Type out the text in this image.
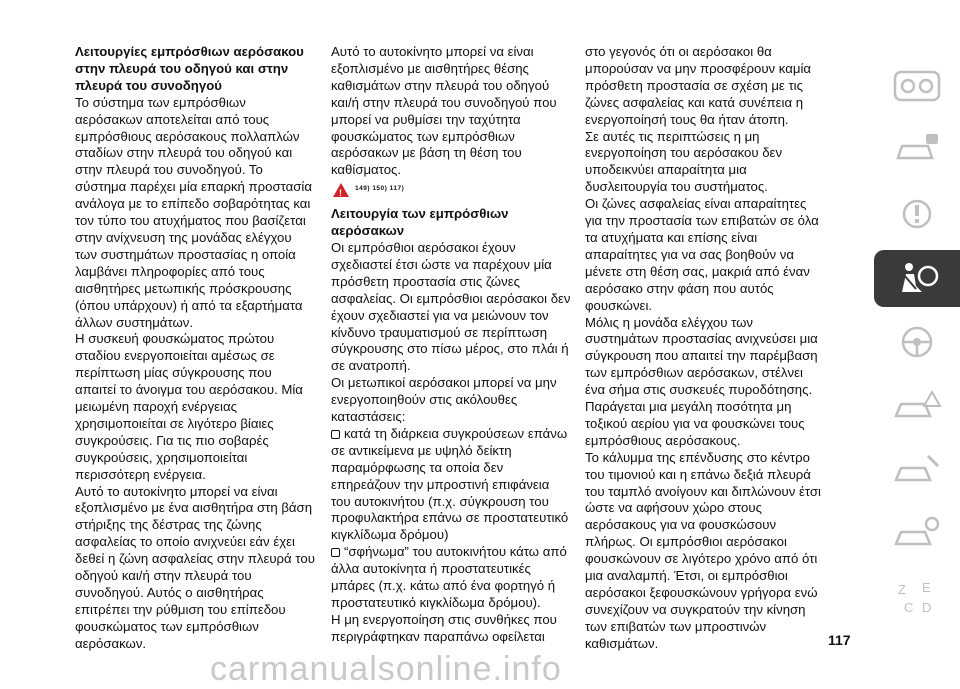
Λειτουργίες εμπρόσθιων αερόσακου στην πλευρά του οδηγού και στην πλευρά του συνοδηγού

Το σύστημα των εμπρόσθιων αερόσακων αποτελείται από τους εμπρόσθιους αερόσακους πολλαπλών σταδίων στην πλευρά του οδηγού και στην πλευρά του συνοδηγού. Το σύστημα παρέχει μία επαρκή προστασία ανάλογα με το επίπεδο σοβαρότητας και τον τύπο του ατυχήματος που βασίζεται στην ανίχνευση της μονάδας ελέγχου των συστημάτων προστασίας η οποία λαμβάνει πληροφορίες από τους αισθητήρες μετωπικής πρόσκρουσης (όπου υπάρχουν) ή από τα εξαρτήματα άλλων συστημάτων.

Η συσκευή φουσκώματος πρώτου σταδίου ενεργοποιείται αμέσως σε περίπτωση μίας σύγκρουσης που απαιτεί το άνοιγμα του αερόσακου. Μία μειωμένη παροχή ενέργειας χρησιμοποιείται σε λιγότερο βίαιες συγκρούσεις. Για τις πιο σοβαρές συγκρούσεις, χρησιμοποιείται περισσότερη ενέργεια.

Αυτό το αυτοκίνητο μπορεί να είναι εξοπλισμένο με ένα αισθητήρα στη βάση στήριξης της δέστρας της ζώνης ασφαλείας το οποίο ανιχνεύει εάν έχει δεθεί η ζώνη ασφαλείας στην πλευρά του οδηγού και/ή στην πλευρά του συνοδηγού. Αυτός ο αισθητήρας επιτρέπει την ρύθμιση του επίπεδου φουσκώματος των εμπρόσθιων αερόσακων.

Αυτό το αυτοκίνητο μπορεί να είναι εξοπλισμένο με αισθητήρες θέσης καθισμάτων στην πλευρά του οδηγού και/ή στην πλευρά του συνοδηγού που μπορεί να ρυθμίσει την ταχύτητα φουσκώματος των εμπρόσθιων αερόσακων με βάση τη θέση του καθίσματος.

!
149) 150) 117)
Λειτουργία των εμπρόσθιων αερόσακων

Οι εμπρόσθιοι αερόσακοι έχουν σχεδιαστεί έτσι ώστε να παρέχουν μία πρόσθετη προστασία στις ζώνες ασφαλείας. Οι εμπρόσθιοι αερόσακοι δεν έχουν σχεδιαστεί για να μειώνουν τον κίνδυνο τραυματισμού σε περίπτωση σύγκρουσης στο πίσω μέρος, στο πλάι ή σε ανατροπή.

Οι μετωπικοί αερόσακοι μπορεί να μην ενεργοποιηθούν στις ακόλουθες καταστάσεις:

κατά τη διάρκεια συγκρούσεων επάνω σε αντικείμενα με υψηλό δείκτη παραμόρφωσης τα οποία δεν επηρεάζουν την μπροστινή επιφάνεια του αυτοκινήτου (π.χ. σύγκρουση του προφυλακτήρα επάνω σε προστατευτικό κιγκλίδωμα δρόμου)

“σφήνωμα” του αυτοκινήτου κάτω από άλλα αυτοκίνητα ή προστατευτικές μπάρες (π.χ. κάτω από ένα φορτηγό ή προστατευτικό κιγκλίδωμα δρόμου).

Η μη ενεργοποίηση στις συνθήκες που περιγράφτηκαν παραπάνω οφείλεται

στο γεγονός ότι οι αερόσακοι θα μπορούσαν να μην προσφέρουν καμία πρόσθετη προστασία σε σχέση με τις ζώνες ασφαλείας και κατά συνέπεια η ενεργοποίησή τους θα ήταν άτοπη.

Σε αυτές τις περιπτώσεις η μη ενεργοποίηση του αερόσακου δεν υποδεικνύει απαραίτητα μια δυσλειτουργία του συστήματος.

Οι ζώνες ασφαλείας είναι απαραίτητες για την προστασία των επιβατών σε όλα τα ατυχήματα και επίσης είναι απαραίτητες για να σας βοηθούν να μένετε στη θέση σας, μακριά από έναν αερόσακο στην φάση που αυτός φουσκώνει.

Μόλις η μονάδα ελέγχου των συστημάτων προστασίας ανιχνεύσει μια σύγκρουση που απαιτεί την παρέμβαση των εμπρόσθιων αερόσακων, στέλνει ένα σήμα στις συσκευές πυροδότησης. Παράγεται μια μεγάλη ποσότητα μη τοξικού αερίου για να φουσκώνει τους εμπρόσθιους αερόσακους.

Το κάλυμμα της επένδυσης στο κέντρο του τιμονιού και η επάνω δεξιά πλευρά του ταμπλό ανοίγουν και διπλώνουν έτσι ώστε να αφήσουν χώρο στους αερόσακους για να φουσκώσουν πλήρως. Οι εμπρόσθιοι αερόσακοι φουσκώνουν σε λιγότερο χρόνο από ότι μια αναλαμπή. Έτσι, οι εμπρόσθιοι αερόσακοι ξεφουσκώνουν γρήγορα ενώ συνεχίζουν να συγκρατούν την κίνηση των επιβατών των μπροστινών καθισμάτων.

Z E
C D
117
carmanualsonline.info
